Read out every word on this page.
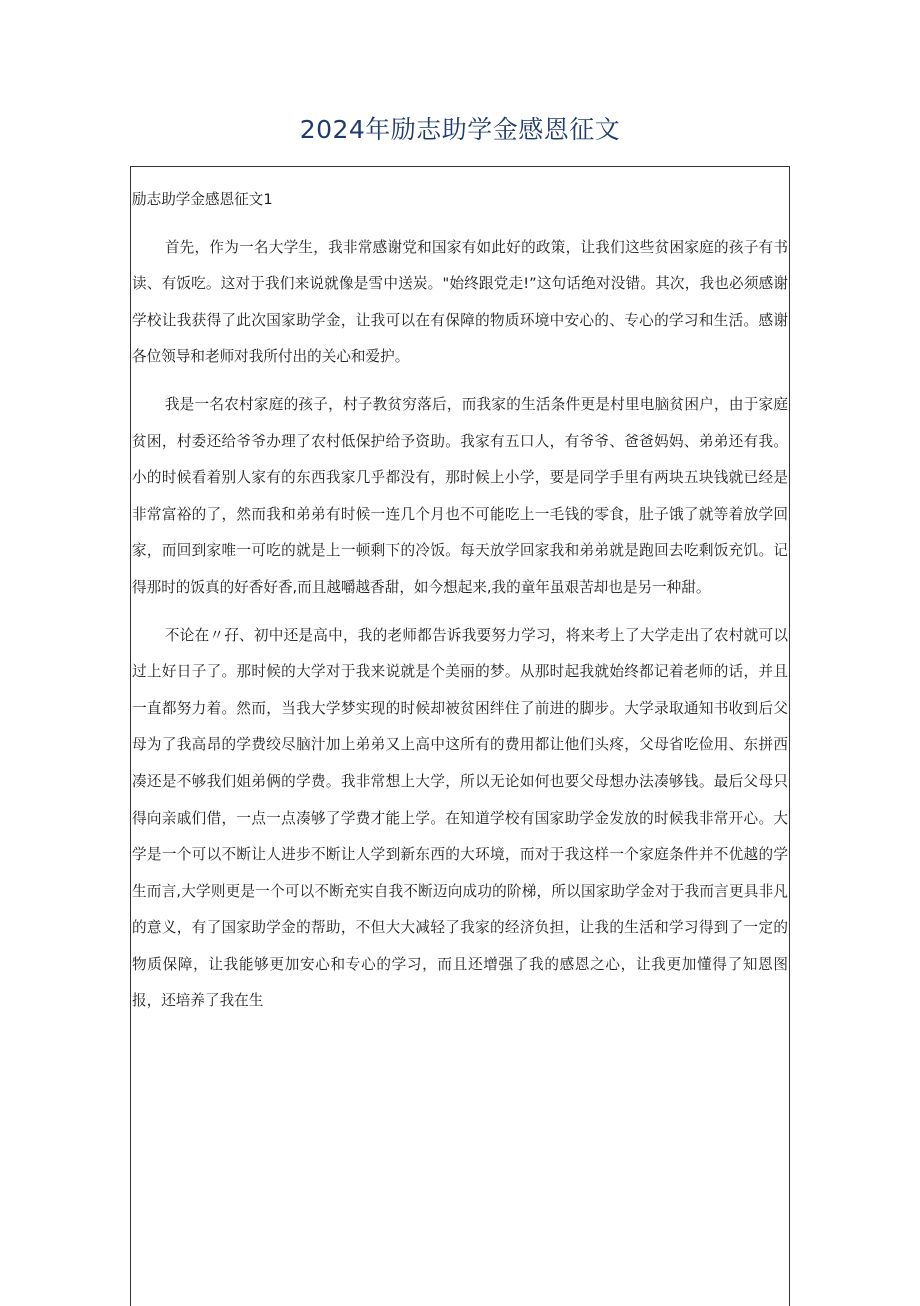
2024年励志助学金感恩征文

励志助学金感恩征文1

首先，作为一名大学生，我非常感谢党和国家有如此好的政策，让我们这些贫困家庭的孩子有书读、有饭吃。这对于我们来说就像是雪中送炭。"始终跟党走!”这句话绝对没错。其次，我也必须感谢学校让我获得了此次国家助学金，让我可以在有保障的物质环境中安心的、专心的学习和生活。感谢各位领导和老师对我所付出的关心和爱护。

我是一名农村家庭的孩子，村子教贫穷落后，而我家的生活条件更是村里电脑贫困户，由于家庭贫困，村委还给爷爷办理了农村低保护给予资助。我家有五口人，有爷爷、爸爸妈妈、弟弟还有我。小的时候看着别人家有的东西我家几乎都没有，那时候上小学，要是同学手里有两块五块钱就已经是非常富裕的了，然而我和弟弟有时候一连几个月也不可能吃上一毛钱的零食，肚子饿了就等着放学回家，而回到家唯一可吃的就是上一顿剩下的冷饭。每天放学回家我和弟弟就是跑回去吃剩饭充饥。记得那时的饭真的好香好香,而且越嚼越香甜，如今想起来,我的童年虽艰苦却也是另一种甜。

不论在〃孖、初中还是高中，我的老师都告诉我要努力学习，将来考上了大学走出了农村就可以过上好日子了。那时候的大学对于我来说就是个美丽的梦。从那时起我就始终都记着老师的话，并且一直都努力着。然而，当我大学梦实现的时候却被贫困绊住了前进的脚步。大学录取通知书收到后父母为了我高昂的学费绞尽脑汁加上弟弟又上高中这所有的费用都让他们头疼，父母省吃俭用、东拼西凑还是不够我们姐弟俩的学费。我非常想上大学，所以无论如何也要父母想办法凑够钱。最后父母只得向亲戚们借，一点一点凑够了学费才能上学。在知道学校有国家助学金发放的时候我非常开心。大学是一个可以不断让人进步不断让人学到新东西的大环境，而对于我这样一个家庭条件并不优越的学生而言,大学则更是一个可以不断充实自我不断迈向成功的阶梯，所以国家助学金对于我而言更具非凡的意义，有了国家助学金的帮助，不但大大减轻了我家的经济负担，让我的生活和学习得到了一定的物质保障，让我能够更加安心和专心的学习，而且还增强了我的感恩之心，让我更加懂得了知恩图报，还培养了我在生
